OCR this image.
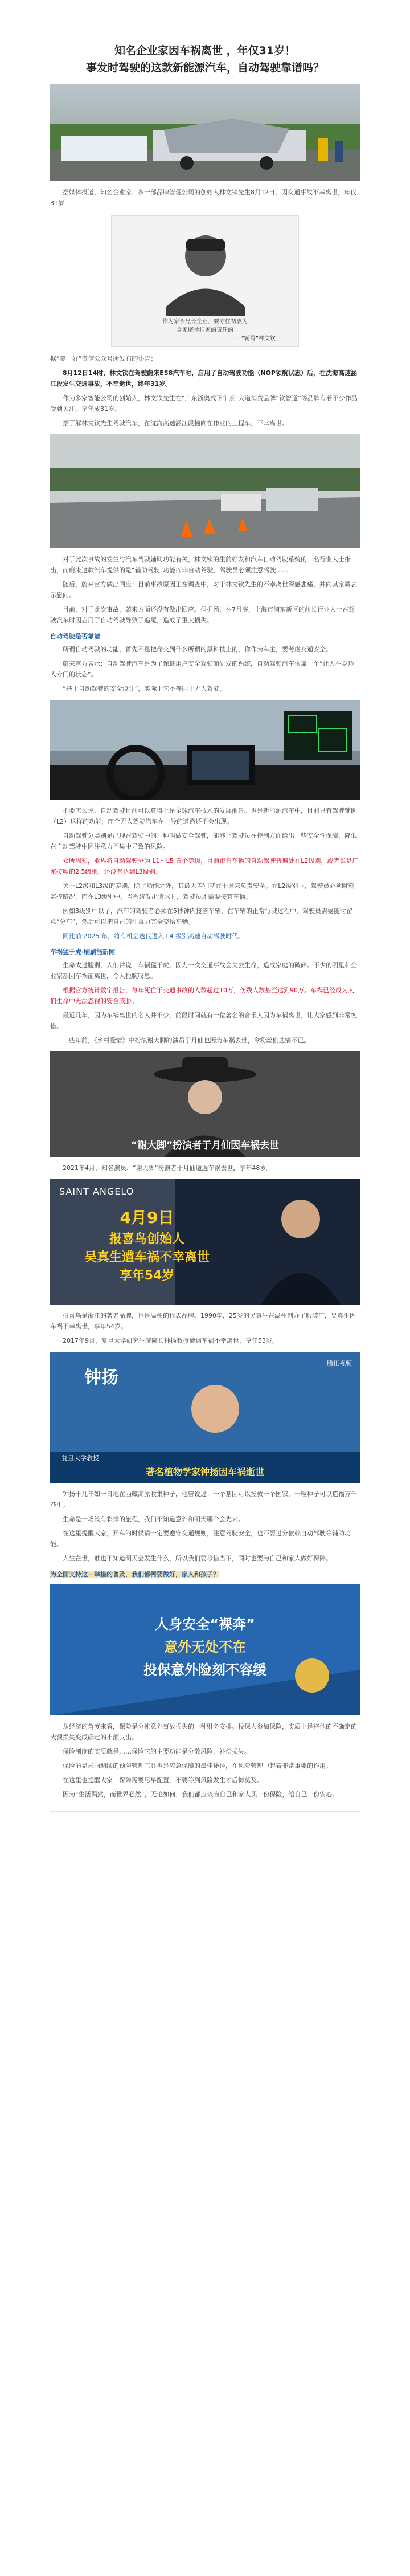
知名企业家因车祸离世 ，年仅31岁！
事发时驾驶的这款新能源汽车，自动驾驶靠谱吗？

据媒体报道，知名企业家、多一部品牌管理公司的创始人林文钦先生8月12日，因交通事故不幸离世，年仅31岁

作为家长兄长企业，要守住初衷为
身家庭承担家的责任的
——“霸哥”林文钦

据“美一好”微信公众号所发布的讣告：

8月12日14时，林文钦在驾驶蔚来ES8汽车时，启用了自动驾驶功能（NOP领航状态）后，在沈海高速涵江段发生交通事故，不幸逝世，终年31岁。

作为多家智能公司的创始人，林文钦先生在“广东浙奥式下午茶”大道消费品牌“钦智道”等品牌有着不少作品受到关注，享年成31岁。

据了解林文钦先生驾驶汽车，在沈海高速涵江段撞向在作业的工程车，不幸离世。

对于此次事故的发生与汽车驾驶辅助功能有关，林文钦的生前好友和汽车自动驾驶系统的一名行业人士指出，而蔚来这款汽车提供的是“辅助驾驶”功能而非自动驾驶，驾驶员必须注意驾驶……

随后，蔚来官方做出回应：目前事故原因正在调查中，对于林文钦先生的不幸离世深感悲痛，并向其家属表示慰问。

目前，对于此次事故，蔚来方面还没有做出回应。但据悉，在7月底，上海市浦东新区的前长行业人士在驾驶汽车时因启用了自动驾驶导致了追尾，造成了重大损失。

自动驾驶是否靠谱

所谓自动驾驶的功能，首先不是把命交到什么所谓的黑科技上的，你作为车主，要考虑交通安全。

蔚来官方表示：自动驾驶汽车是为了保证用户安全驾驶而研发的系统，自动驾驶汽车依靠一个“让人在身边人专门的状态”。

“基于自动驾驶的安全设计”，实际上它不等同于无人驾驶。

不要怎么说，自动驾驶目前可以算得上是全球汽车技术的发展前景。也是新能源汽车中，目前只有驾驶辅助（L2）这样的功能，而全无人驾驶汽车在一般的道路还不会出现。

自动驾驶分类别是出现在驾驶中的一种叫做安全驾驶，能够让驾驶员在控制方面给出一些安全性保障，降低在自动驾驶中因注意力不集中导致的风险。

众所周知，业界将自动驾驶分为 L1～L5 五个等级，目前市售车辆的自动驾驶普遍处在L2级别，或者说是广家按照的2.5级别，还没有达到L3级别。

关于L2级和L3级的差别，除了功能之外，其最大差别就在于谁来负责安全。在L2级别下，驾驶员必须时刻监控路况，而在L3级别中，当系统发出请求时，驾驶员才需要接管车辆。

例如3级别中以了，汽车的驾驶者必须在5秒钟内接管车辆，在车辆的正常行驶过程中，驾驶员需要随时留意“分车”，然后可以把自己的注意力完全交给车辆。

同比前·2025 年，将有机会迭代进入 L4 级别高速自动驾驶时代。

车祸猛于虎·刷刷能新闻

生命太过脆弱，人们常说：车祸猛于虎，因为一次交通事故会失去生命，造成家庭的破碎。不少的明星和企业家都因车祸而离世，令人扼腕叹息。

根据官方统计数字报告，每年死亡于交通事故的人数超过10万，伤残人数甚至达到90万。车祸已经成为人们生命中无法忽视的安全威胁。

最近几年，因为车祸离世的名人并不少，前段时间就有一位著名的音乐人因为车祸离世，让大家感到非常惋惜。

一些年前，《乡村爱情》中扮演谢大脚的演员于月仙也因为车祸去世，令粉丝们悲痛不已。

“谢大脚”扮演者于月仙因车祸去世

2021年4月，知名演员、“谢大脚”扮演者于月仙遭遇车祸去世，享年48岁。

SAINT ANGELO
4月9日
报喜鸟创始人
吴真生遭车祸不幸离世
享年54岁

报喜鸟是浙江的著名品牌，也是温州的代表品牌。1990年，25岁的吴真生在温州创办了服装厂，吴真生因车祸不幸离世，享年54岁。

2017年9月，复旦大学研究生院院长钟扬教授遭遇车祸不幸离世，享年53岁。

钟扬
复旦大学教授
著名植物学家钟扬因车祸逝世
腾讯视频

钟扬十几年如一日地在西藏高原收集种子，他曾说过：一个基因可以拯救一个国家，一粒种子可以造福万千苍生。

生命是一场没有彩排的旅程，我们不知道意外和明天哪个会先来。

在这里提醒大家，开车的时候请一定要遵守交通规则，注意驾驶安全，也不要过分依赖自动驾驶等辅助功能。

人生在世，谁也不知道明天会发生什么，所以我们要珍惜当下，同时也要为自己和家人做好保障。

为全面支持这一举措的普及，我们都需要做好，家人和孩子？
人身安全“裸奔”
意外无处不在
投保意外险刻不容缓

从经济的角度来看，保险是分摊意外事故损失的一种财务安排。投保人参加保险，实质上是将他的不确定的大额损失变成确定的小额支出。

保险制度的实质就是……保险它的主要功能是分散风险，补偿损失。

保险能是未雨绸缪的预防管理工具也是应急保障的最佳途径，在风险管理中起着非常重要的作用。

在这里也提醒大家：保障需要尽早配置，不要等到风险发生才后悔莫及。

因为“生活偶然，而世界必然”，无论如何，我们都应该为自己和家人买一份保险，给自己一份安心。
